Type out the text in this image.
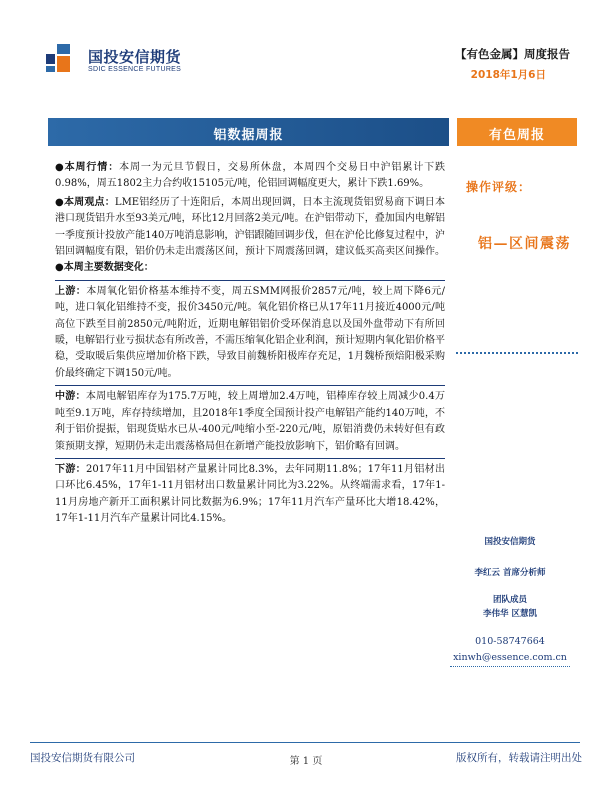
国投安信期货
SDIC ESSENCE FUTURES
【有色金属】周度报告
2018年1月6日
铝数据周报	有色周报

●本周行情：本周一为元旦节假日，交易所休盘，本周四个交易日中沪铝累计下跌0.98%，周五1802主力合约收15105元/吨，伦铝回调幅度更大，累计下跌1.69%。

●本周观点：LME铝经历了十连阳后，本周出现回调，日本主流现货铝贸易商下调日本港口现货铝升水至93美元/吨，环比12月回落2美元/吨。在沪铝带动下，叠加国内电解铝一季度预计投放产能140万吨消息影响，沪铝跟随回调步伐，但在沪伦比修复过程中，沪铝回调幅度有限，铝价仍未走出震荡区间，预计下周震荡回调，建议低买高卖区间操作。

●本周主要数据变化：

上游：本周氧化铝价格基本维持不变，周五SMM网报价2857元/吨，较上周下降6元/吨，进口氧化铝维持不变，报价3450元/吨。氧化铝价格已从17年11月接近4000元/吨高位下跌至目前2850元/吨附近，近期电解铝铝价受环保消息以及国外盘带动下有所回暖，电解铝行业亏损状态有所改善，不需压缩氧化铝企业利润，预计短期内氧化铝价格平稳，受取暖后集供应增加价格下跌，导致目前魏桥阳极库存充足，1月魏桥预焙阳极采购价最终确定下调150元/吨。

中游：本周电解铝库存为175.7万吨，较上周增加2.4万吨，铝棒库存较上周减少0.4万吨至9.1万吨，库存持续增加，且2018年1季度全国预计投产电解铝产能约140万吨，不利于铝价提振，铝现货贴水已从-400元/吨缩小至-220元/吨，原铝消费仍未转好但有政策预期支撑，短期仍未走出震荡格局但在新增产能投放影响下，铝价略有回调。

下游：2017年11月中国铝材产量累计同比8.3%，去年同期11.8%；17年11月铝材出口环比6.45%，17年1-11月铝材出口数量累计同比为3.22%。从终端需求看，17年1-11月房地产新开工面积累计同比数据为6.9%；17年11月汽车产量环比大增18.42%，17年1-11月汽车产量累计同比4.15%。

操作评级：
铝—区间震荡
国投安信期货
李红云 首席分析师
团队成员
李伟华 区慧凯
010-58747664
xinwh@essence.com.cn
国投安信期货有限公司	第 1 页	版权所有，转载请注明出处
